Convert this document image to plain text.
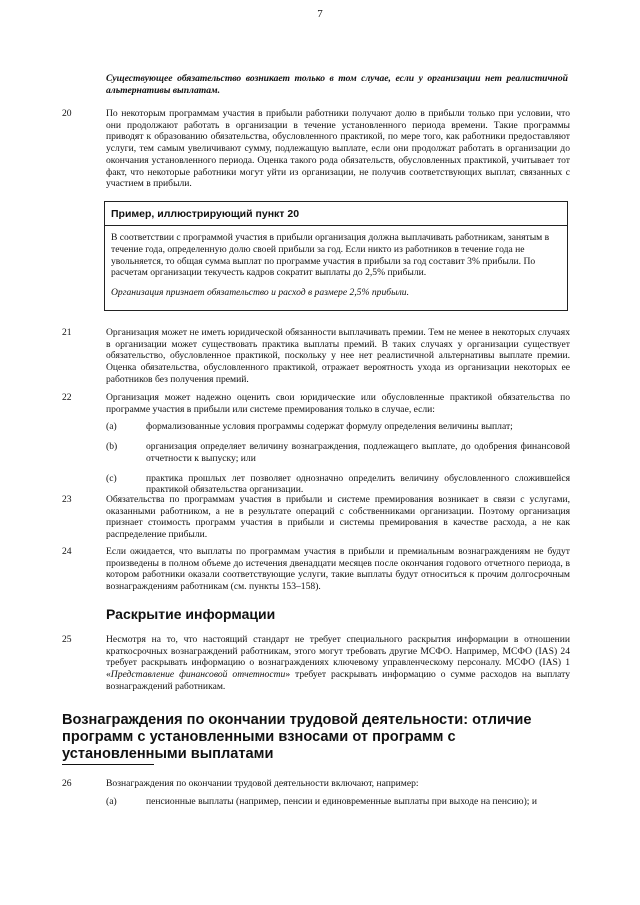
7
Существующее обязательство возникает только в том случае, если у организации нет реалистичной альтернативы выплатам.
20	По некоторым программам участия в прибыли работники получают долю в прибыли только при условии, что они продолжают работать в организации в течение установленного периода времени. Такие программы приводят к образованию обязательства, обусловленного практикой, по мере того, как работники предоставляют услуги, тем самым увеличивают сумму, подлежащую выплате, если они продолжат работать в организации до окончания установленного периода. Оценка такого рода обязательств, обусловленных практикой, учитывает тот факт, что некоторые работники могут уйти из организации, не получив соответствующих выплат, связанных с участием в прибыли.

Пример, иллюстрирующий пункт 20
В соответствии с программой участия в прибыли организация должна выплачивать работникам, занятым в течение года, определенную долю своей прибыли за год. Если никто из работников в течение года не увольняется, то общая сумма выплат по программе участия в прибыли за год составит 3% прибыли. По расчетам организации текучесть кадров сократит выплаты до 2,5% прибыли.
Организация признает обязательство и расход в размере 2,5% прибыли.
21	Организация может не иметь юридической обязанности выплачивать премии. Тем не менее в некоторых случаях в организации может существовать практика выплаты премий. В таких случаях у организации существует обязательство, обусловленное практикой, поскольку у нее нет реалистичной альтернативы выплате премии. Оценка обязательства, обусловленного практикой, отражает вероятность ухода из организации некоторых ее работников без получения премий.

22	Организация может надежно оценить свои юридические или обусловленные практикой обязательства по программе участия в прибыли или системе премирования только в случае, если:

(a)	формализованные условия программы содержат формулу определения величины выплат;
(b)	организация определяет величину вознаграждения, подлежащего выплате, до одобрения финансовой отчетности к выпуску; или
(c)	практика прошлых лет позволяет однозначно определить величину обусловленного сложившейся практикой обязательства организации.
23	Обязательства по программам участия в прибыли и системе премирования возникает в связи с услугами, оказанными работником, а не в результате операций с собственниками организации. Поэтому организация признает стоимость программ участия в прибыли и системы премирования в качестве расхода, а не как распределение прибыли.

24	Если ожидается, что выплаты по программам участия в прибыли и премиальным вознаграждениям не будут произведены в полном объеме до истечения двенадцати месяцев после окончания годового отчетного периода, в котором работники оказали соответствующие услуги, такие выплаты будут относиться к прочим долгосрочным вознаграждениям работникам (см. пункты 153–158).

Раскрытие информации
25	Несмотря на то, что настоящий стандарт не требует специального раскрытия информации в отношении краткосрочных вознаграждений работникам, этого могут требовать другие МСФО. Например, МСФО (IAS) 24 требует раскрывать информацию о вознаграждениях ключевому управленческому персоналу. МСФО (IAS) 1 «Представление финансовой отчетности» требует раскрывать информацию о сумме расходов на выплату вознаграждений работникам.

Вознаграждения по окончании трудовой деятельности: отличие программ с установленными взносами от программ с установленными выплатами
26	Вознаграждения по окончании трудовой деятельности включают, например:

(a)	пенсионные выплаты (например, пенсии и единовременные выплаты при выходе на пенсию); и
